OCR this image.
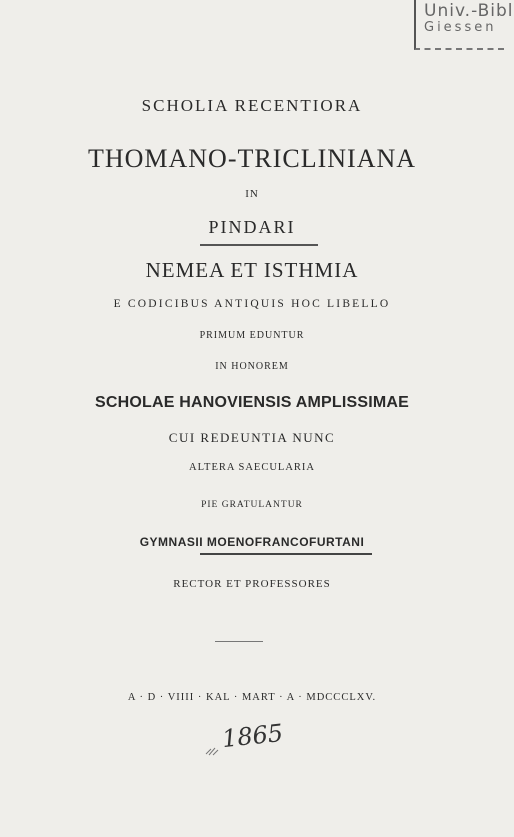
Univ.-Bibl
Giessen
SCHOLIA RECENTIORA
THOMANO-TRICLINIANA
IN
PINDARI
NEMEA ET ISTHMIA
E CODICIBUS ANTIQUIS HOC LIBELLO
PRIMUM EDUNTUR
IN HONOREM
SCHOLAE HANOVIENSIS AMPLISSIMAE
CUI REDEUNTIA NUNC
ALTERA SAECULARIA
PIE GRATULANTUR
GYMNASII MOENOFRANCOFURTANI
RECTOR ET PROFESSORES
A · D · VIIII · KAL · MART · A · MDCCCLXV.
1865
